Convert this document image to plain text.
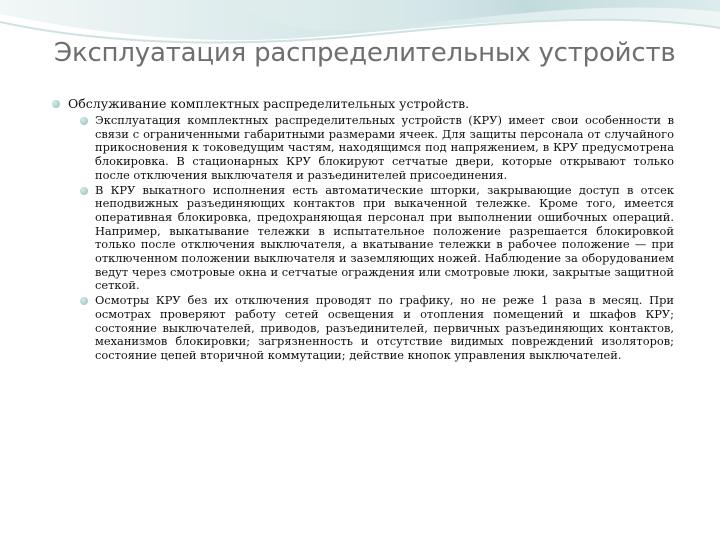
Эксплуатация распределительных устройств
Обслуживание комплектных распределительных устройств.
Эксплуатация комплектных распределительных устройств (КРУ) имеет свои особенности в связи с ограниченными габаритными размерами ячеек. Для защиты персонала от случайного прикосновения к токоведущим частям, находящимся под напряжением, в КРУ предусмотрена блокировка. В стационарных КРУ блокируют сетчатые двери, которые открывают только после отключения выключателя и разъединителей присоединения.
В КРУ выкатного исполнения есть автоматические шторки, закрывающие доступ в отсек неподвижных разъединяющих контактов при выкаченной тележке. Кроме того, имеется оперативная блокировка, предохраняющая персонал при выполнении ошибочных операций. Например, выкатывание тележки в испытательное положение разрешается блокировкой только после отключения выключателя, а вкатывание тележки в рабочее положение — при отключенном положении выключателя и заземляющих ножей. Наблюдение за оборудованием ведут через смотровые окна и сетчатые ограждения или смотровые люки, закрытые защитной сеткой.
Осмотры КРУ без их отключения проводят по графику, но не реже 1 раза в месяц. При осмотрах проверяют работу сетей освещения и отопления помещений и шкафов КРУ; состояние выключателей, приводов, разъединителей, первичных разъединяющих контактов, механизмов блокировки; загрязненность и отсутствие видимых повреждений изоляторов; состояние цепей вторичной коммутации; действие кнопок управления выключателей.
